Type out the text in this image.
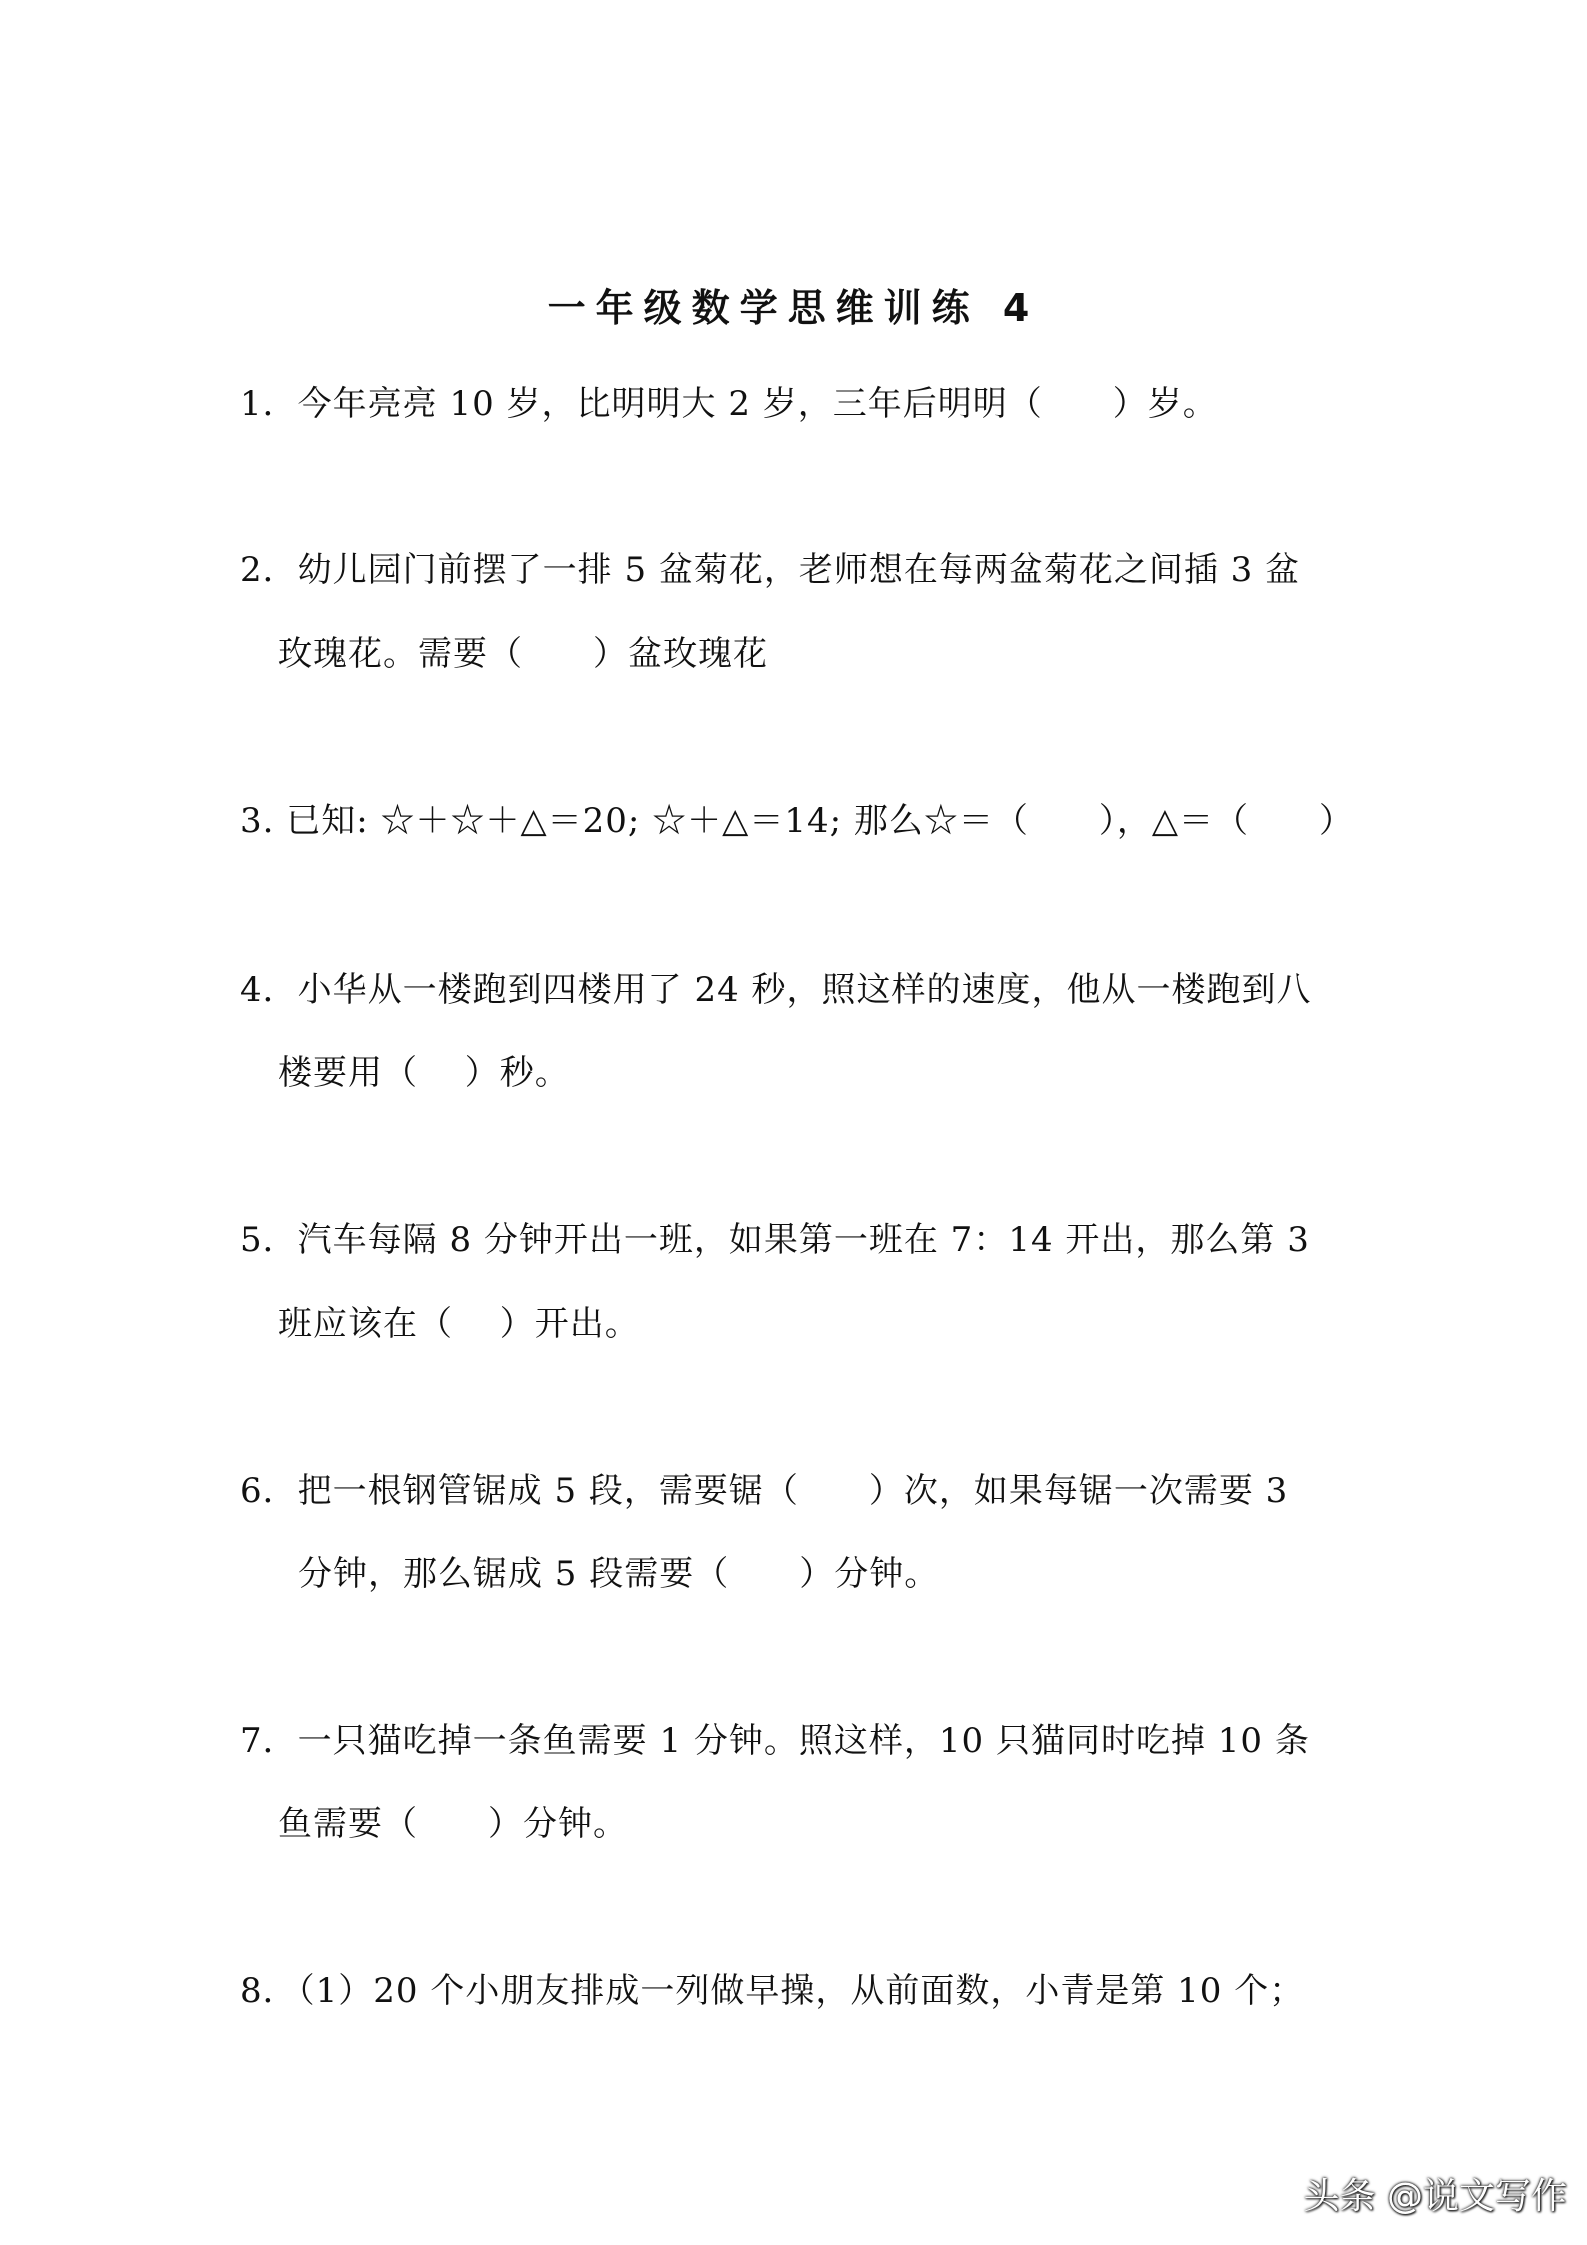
一年级数学思维训练 4
1．今年亮亮 10 岁，比明明大 2 岁，三年后明明（　　）岁。
2．幼儿园门前摆了一排 5 盆菊花，老师想在每两盆菊花之间插 3 盆
玫瑰花。需要（　　）盆玫瑰花
3. 已知: ☆＋☆＋△＝20; ☆＋△＝14; 那么☆＝（　　），△＝（　　）
4．小华从一楼跑到四楼用了 24 秒，照这样的速度，他从一楼跑到八
楼要用（　 ）秒。
5．汽车每隔 8 分钟开出一班，如果第一班在 7：14 开出，那么第 3
班应该在（　 ）开出。
6．把一根钢管锯成 5 段，需要锯（　　）次，如果每锯一次需要 3
分钟，那么锯成 5 段需要（　　）分钟。
7．一只猫吃掉一条鱼需要 1 分钟。照这样，10 只猫同时吃掉 10 条
鱼需要（　　）分钟。
8．（1）20 个小朋友排成一列做早操，从前面数，小青是第 10 个；
头条 @说文写作
